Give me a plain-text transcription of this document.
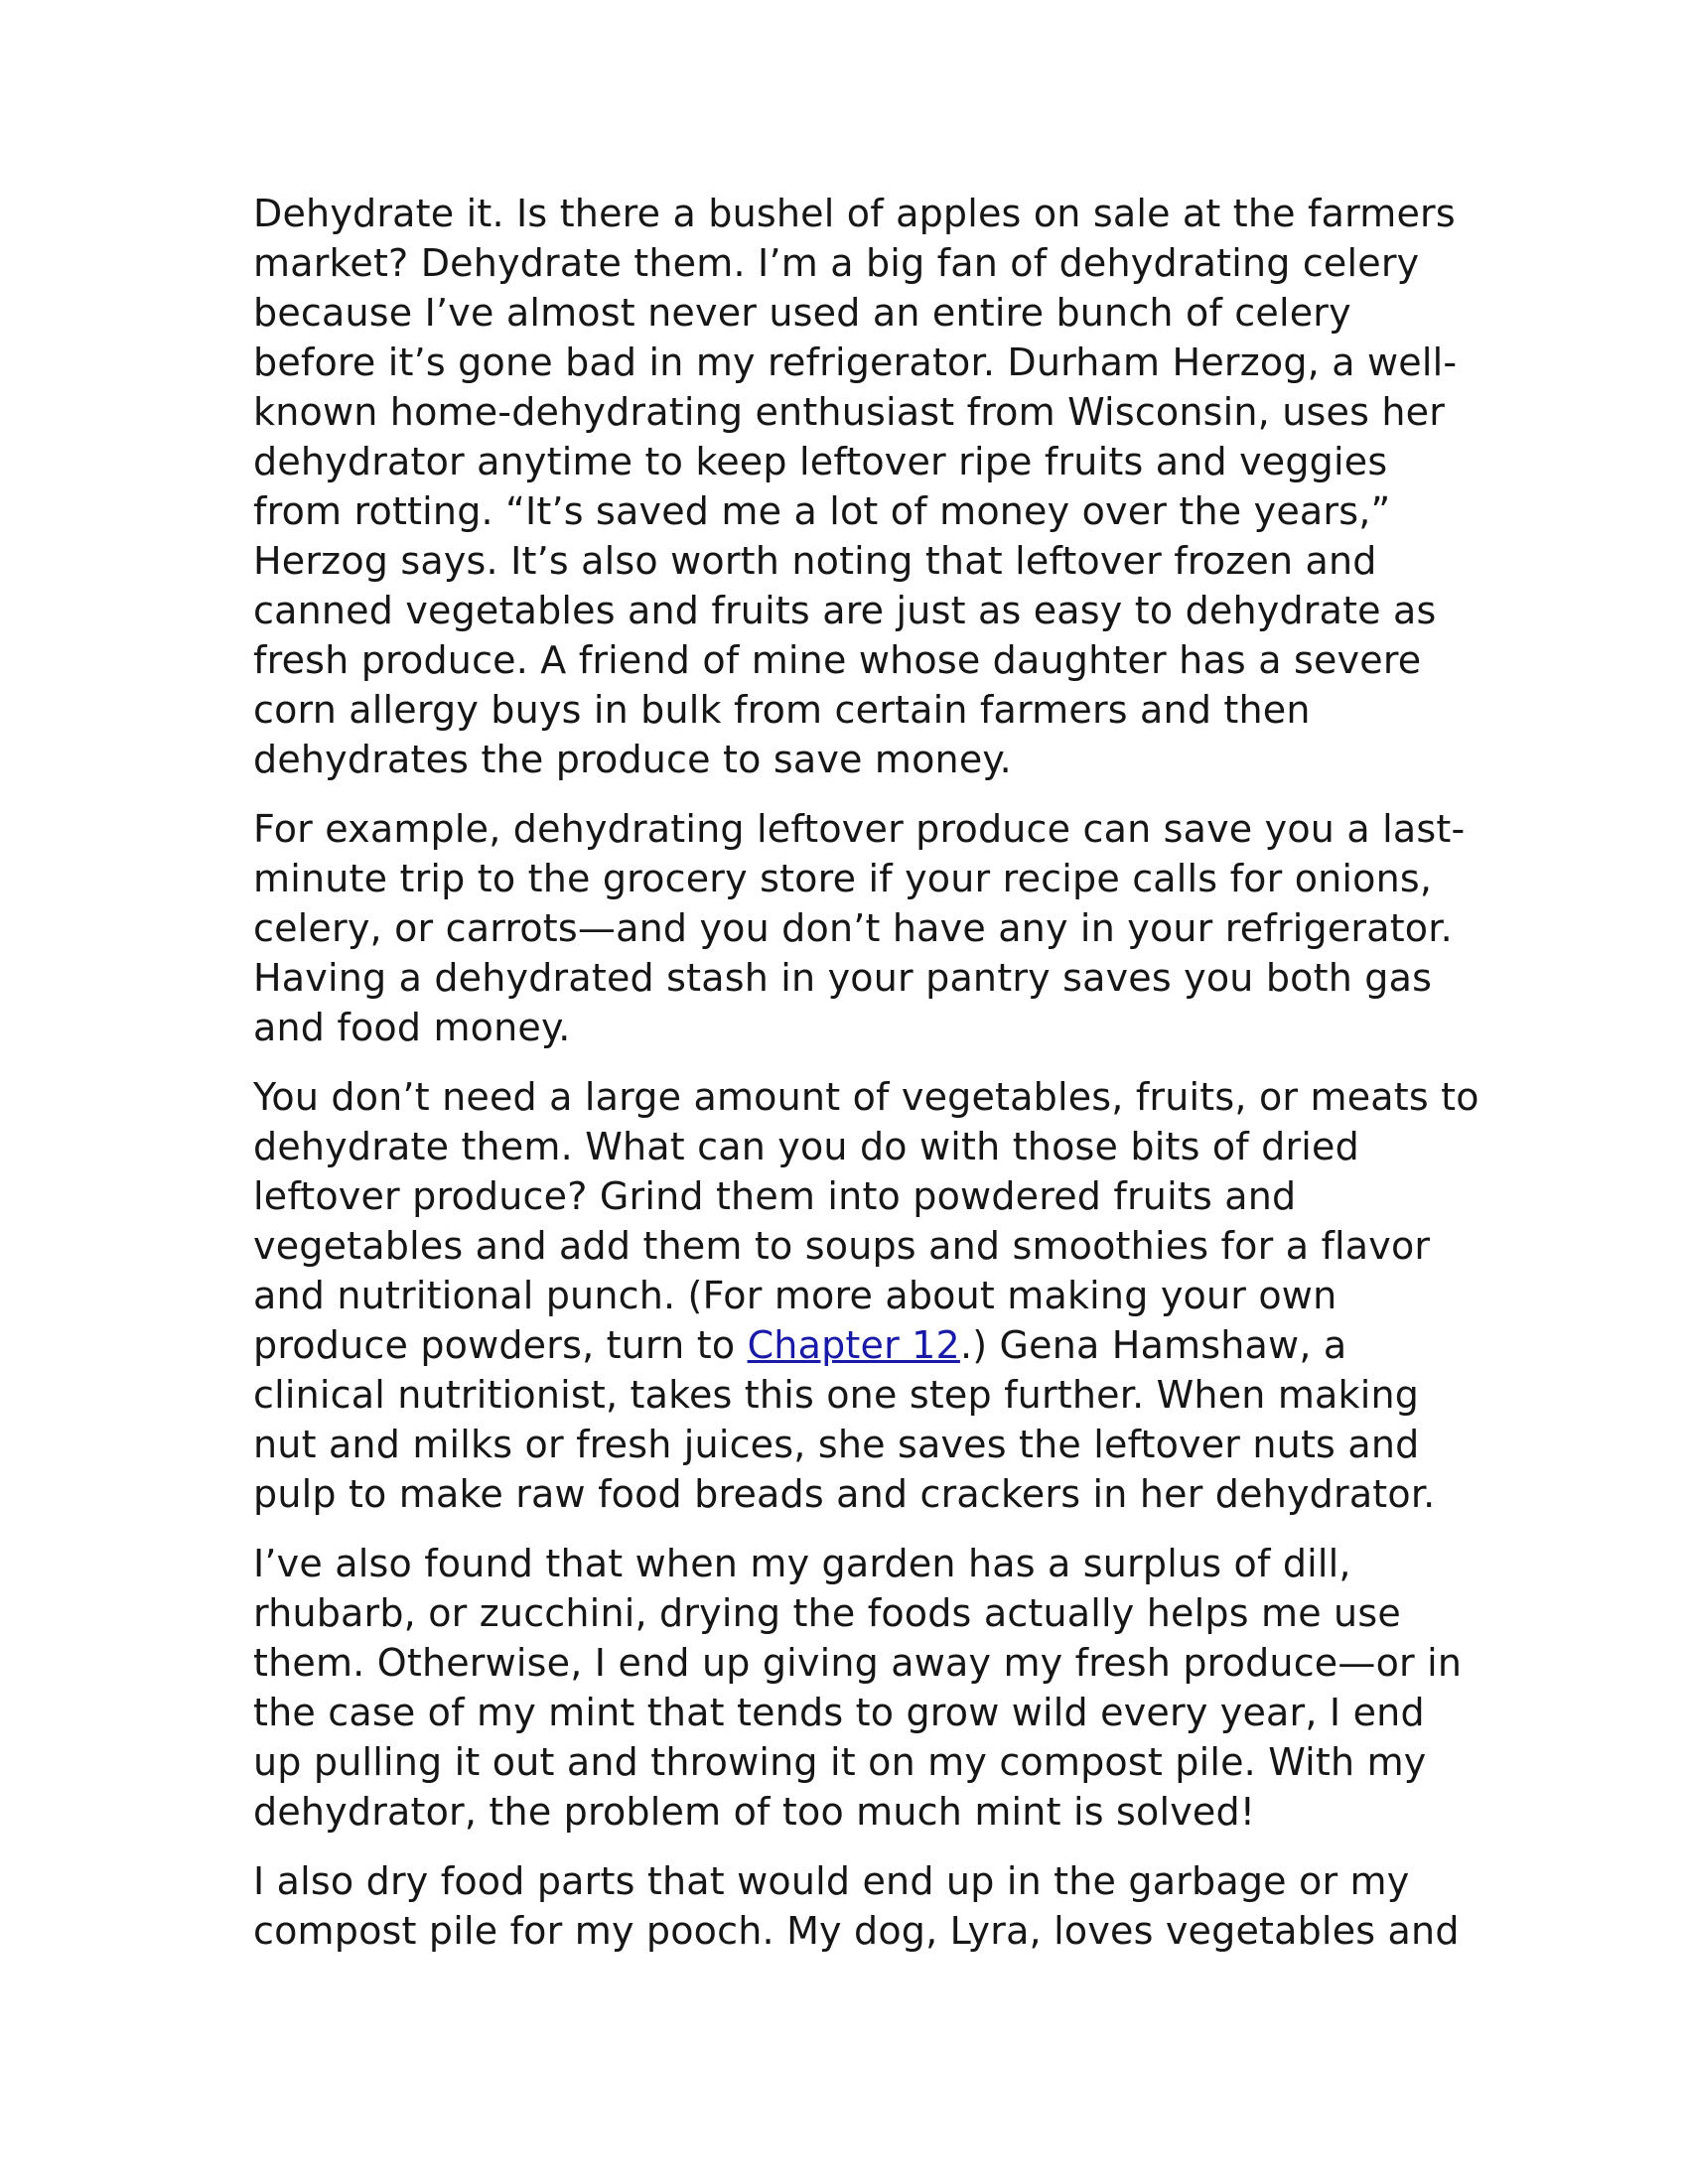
Dehydrate it. Is there a bushel of apples on sale at the farmers market? Dehydrate them. I’m a big fan of dehydrating celery because I’ve almost never used an entire bunch of celery before it’s gone bad in my refrigerator. Durham Herzog, a well-known home-dehydrating enthusiast from Wisconsin, uses her dehydrator anytime to keep leftover ripe fruits and veggies from rotting. “It’s saved me a lot of money over the years,” Herzog says. It’s also worth noting that leftover frozen and canned vegetables and fruits are just as easy to dehydrate as fresh produce. A friend of mine whose daughter has a severe corn allergy buys in bulk from certain farmers and then dehydrates the produce to save money.

For example, dehydrating leftover produce can save you a last-minute trip to the grocery store if your recipe calls for onions, celery, or carrots—and you don’t have any in your refrigerator. Having a dehydrated stash in your pantry saves you both gas and food money.

You don’t need a large amount of vegetables, fruits, or meats to dehydrate them. What can you do with those bits of dried leftover produce? Grind them into powdered fruits and vegetables and add them to soups and smoothies for a flavor and nutritional punch. (For more about making your own produce powders, turn to Chapter 12.) Gena Hamshaw, a clinical nutritionist, takes this one step further. When making nut and milks or fresh juices, she saves the leftover nuts and pulp to make raw food breads and crackers in her dehydrator.

I’ve also found that when my garden has a surplus of dill, rhubarb, or zucchini, drying the foods actually helps me use them. Otherwise, I end up giving away my fresh produce—or in the case of my mint that tends to grow wild every year, I end up pulling it out and throwing it on my compost pile. With my dehydrator, the problem of too much mint is solved!

I also dry food parts that would end up in the garbage or my compost pile for my pooch. My dog, Lyra, loves vegetables and
